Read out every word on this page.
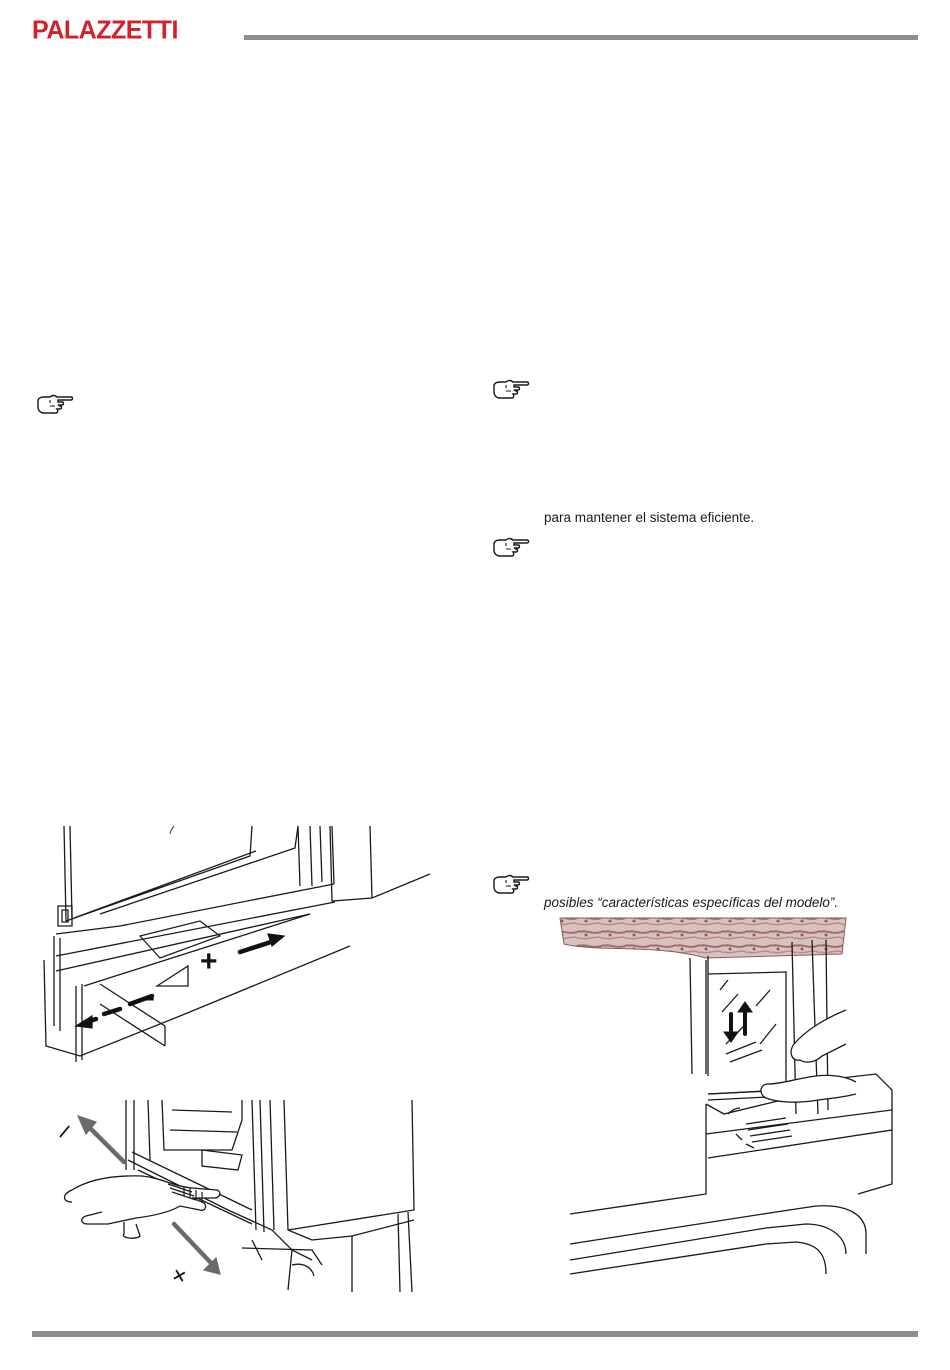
PALAZZETTI
para mantener el sistema eficiente.
posibles “características específicas del modelo”.
+
–
–
+
